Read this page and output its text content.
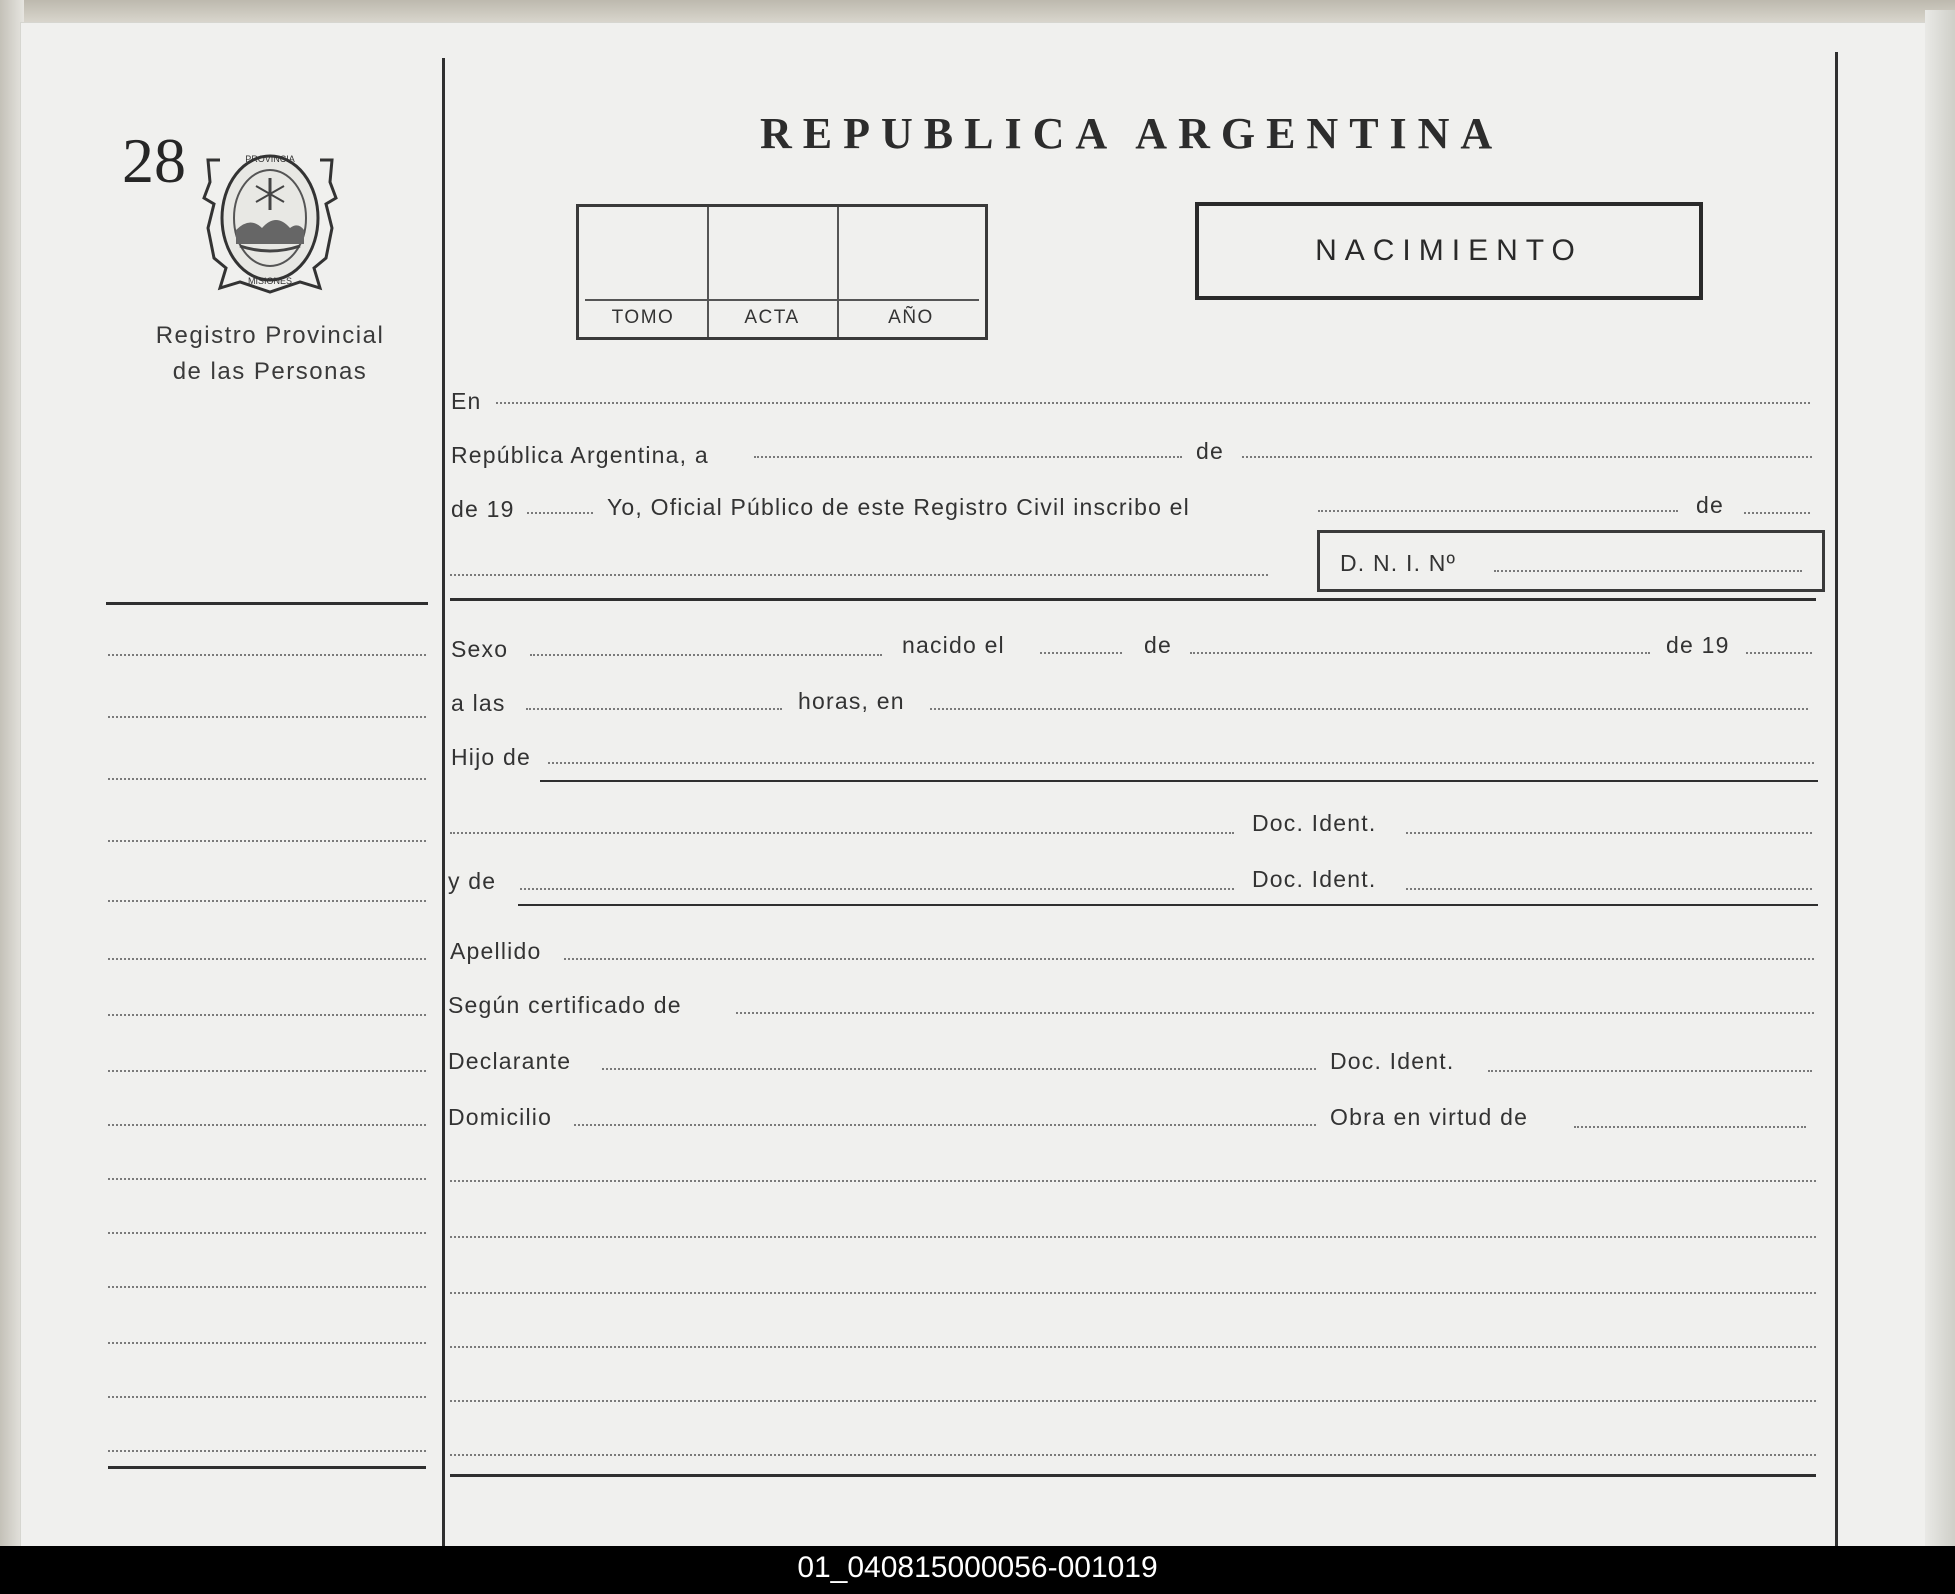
28	PROVINCIA
MISIONES
Registro Provincial
de las Personas
REPUBLICA ARGENTINA
TOMO	ACTA	AÑO
NACIMIENTO
En
República Argentina, a	de
de 19	Yo, Oficial Público de este Registro Civil inscribo el	de
D. N. I. Nº
Sexo	nacido el	de	de 19
a las	horas, en
Hijo de
Doc. Ident.
y de	Doc. Ident.
Apellido
Según certificado de
Declarante	Doc. Ident.
Domicilio	Obra en virtud de
01_040815000056-001019
